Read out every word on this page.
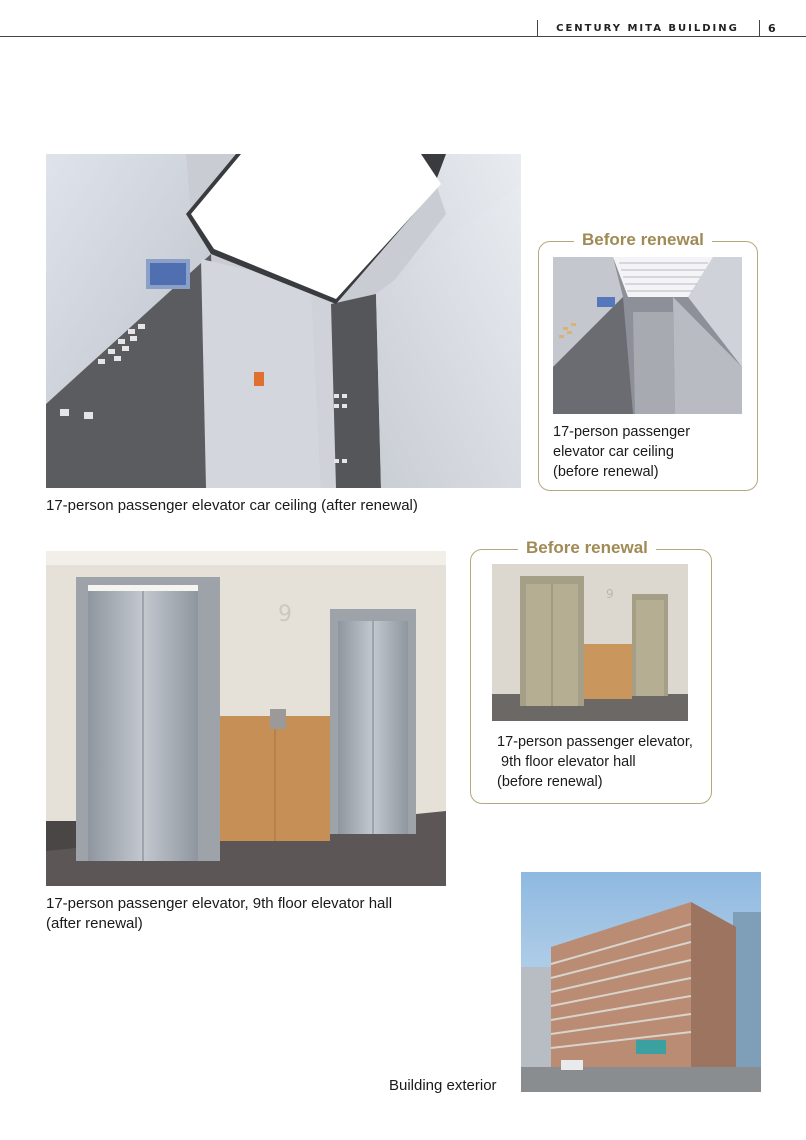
CENTURY MITA BUILDING	6
17-person passenger elevator car ceiling (after renewal)
Before renewal
17-person passenger
elevator car ceiling
(before renewal)
9
17-person passenger elevator, 9th floor elevator hall
(after renewal)
Before renewal
9
17-person passenger elevator,
9th floor elevator hall
(before renewal)
Building exterior
